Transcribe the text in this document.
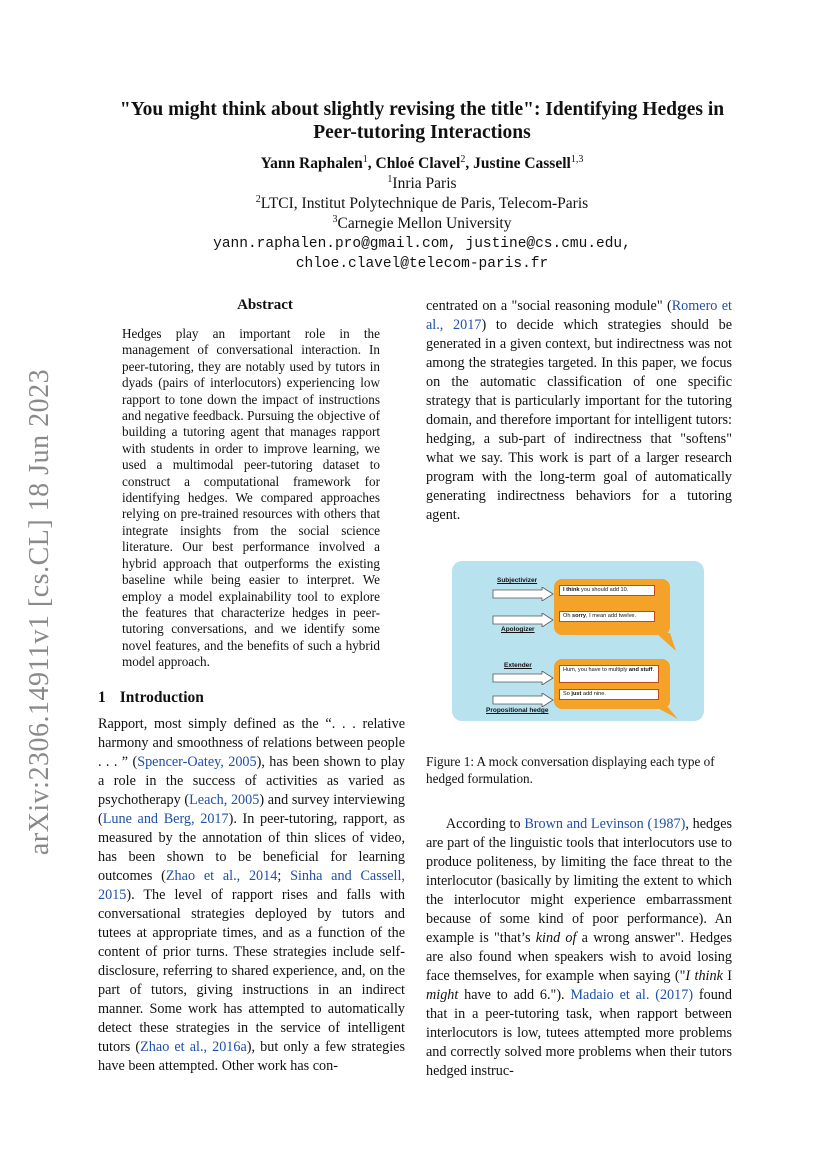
arXiv:2306.14911v1 [cs.CL] 18 Jun 2023
"You might think about slightly revising the title": Identifying Hedges in
Peer-tutoring Interactions
Yann Raphalen$^1$, Chloé Clavel$^2$, Justine Cassell$^{1,3}$
$^1$Inria Paris
$^2$LTCI, Institut Polytechnique de Paris, Telecom-Paris
$^3$Carnegie Mellon University
yann.raphalen.pro@gmail.com, justine@cs.cmu.edu,
chloe.clavel@telecom-paris.fr
Abstract
Hedges play an important role in the management of conversational interaction. In peer-tutoring, they are notably used by tutors in dyads (pairs of interlocutors) experiencing low rapport to tone down the impact of instructions and negative feedback. Pursuing the objective of building a tutoring agent that manages rapport with students in order to improve learning, we used a multimodal peer-tutoring dataset to construct a computational framework for identifying hedges. We compared approaches relying on pre-trained resources with others that integrate insights from the social science literature. Our best performance involved a hybrid approach that outperforms the existing baseline while being easier to interpret. We employ a model explainability tool to explore the features that characterize hedges in peer-tutoring conversations, and we identify some novel features, and the benefits of such a hybrid model approach.
1 Introduction

Rapport, most simply defined as the “. . . relative harmony and smoothness of relations between people . . . ” (Spencer-Oatey, 2005), has been shown to play a role in the success of activities as varied as psychotherapy (Leach, 2005) and survey interviewing (Lune and Berg, 2017). In peer-tutoring, rapport, as measured by the annotation of thin slices of video, has been shown to be beneficial for learning outcomes (Zhao et al., 2014; Sinha and Cassell, 2015). The level of rapport rises and falls with conversational strategies deployed by tutors and tutees at appropriate times, and as a function of the content of prior turns. These strategies include self-disclosure, referring to shared experience, and, on the part of tutors, giving instructions in an indirect manner. Some work has attempted to automatically detect these strategies in the service of intelligent tutors (Zhao et al., 2016a), but only a few strategies have been attempted. Other work has con-

centrated on a "social reasoning module" (Romero et al., 2017) to decide which strategies should be generated in a given context, but indirectness was not among the strategies targeted. In this paper, we focus on the automatic classification of one specific strategy that is particularly important for the tutoring domain, and therefore important for intelligent tutors: hedging, a sub-part of indirectness that "softens" what we say. This work is part of a larger research program with the long-term goal of automatically generating indirectness behaviors for a tutoring agent.

Subjectivizer
Apologizer
I think you should add 10.
Oh sorry, I mean add twelve.
Extender
Propositional hedge
Hum, you have to multiply and stuff.
So just add nine.
Figure 1: A mock conversation displaying each type of hedged formulation.

According to Brown and Levinson (1987), hedges are part of the linguistic tools that interlocutors use to produce politeness, by limiting the face threat to the interlocutor (basically by limiting the extent to which the interlocutor might experience embarrassment because of some kind of poor performance). An example is "that’s kind of a wrong answer". Hedges are also found when speakers wish to avoid losing face themselves, for example when saying ("I think I might have to add 6."). Madaio et al. (2017) found that in a peer-tutoring task, when rapport between interlocutors is low, tutees attempted more problems and correctly solved more problems when their tutors hedged instruc-
